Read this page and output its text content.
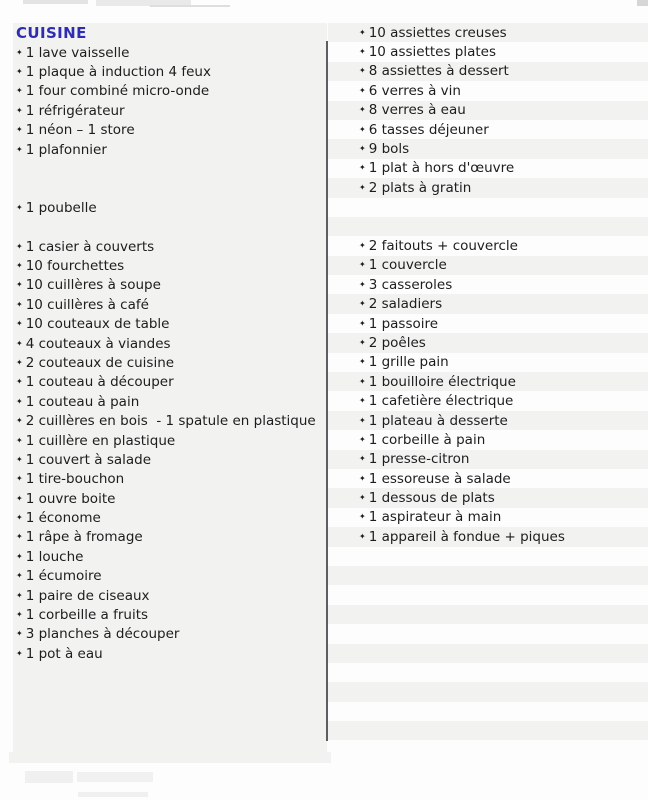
CUISINE
✦ 1 lave vaisselle
✦ 1 plaque à induction 4 feux
✦ 1 four combiné micro-onde
✦ 1 réfrigérateur
✦ 1 néon – 1 store
✦ 1 plafonnier
✦ 1 poubelle
✦ 1 casier à couverts
✦ 10 fourchettes
✦ 10 cuillères à soupe
✦ 10 cuillères à café
✦ 10 couteaux de table
✦ 4 couteaux à viandes
✦ 2 couteaux de cuisine
✦ 1 couteau à découper
✦ 1 couteau à pain
✦ 2 cuillères en bois  - 1 spatule en plastique
✦ 1 cuillère en plastique
✦ 1 couvert à salade
✦ 1 tire-bouchon
✦ 1 ouvre boite
✦ 1 économe
✦ 1 râpe à fromage
✦ 1 louche
✦ 1 écumoire
✦ 1 paire de ciseaux
✦ 1 corbeille a fruits
✦ 3 planches à découper
✦ 1 pot à eau
✦ 10 assiettes creuses
✦ 10 assiettes plates
✦ 8 assiettes à dessert
✦ 6 verres à vin
✦ 8 verres à eau
✦ 6 tasses déjeuner
✦ 9 bols
✦ 1 plat à hors d'œuvre
✦ 2 plats à gratin
✦ 2 faitouts + couvercle
✦ 1 couvercle
✦ 3 casseroles
✦ 2 saladiers
✦ 1 passoire
✦ 2 poêles
✦ 1 grille pain
✦ 1 bouilloire électrique
✦ 1 cafetière électrique
✦ 1 plateau à desserte
✦ 1 corbeille à pain
✦ 1 presse-citron
✦ 1 essoreuse à salade
✦ 1 dessous de plats
✦ 1 aspirateur à main
✦ 1 appareil à fondue + piques
